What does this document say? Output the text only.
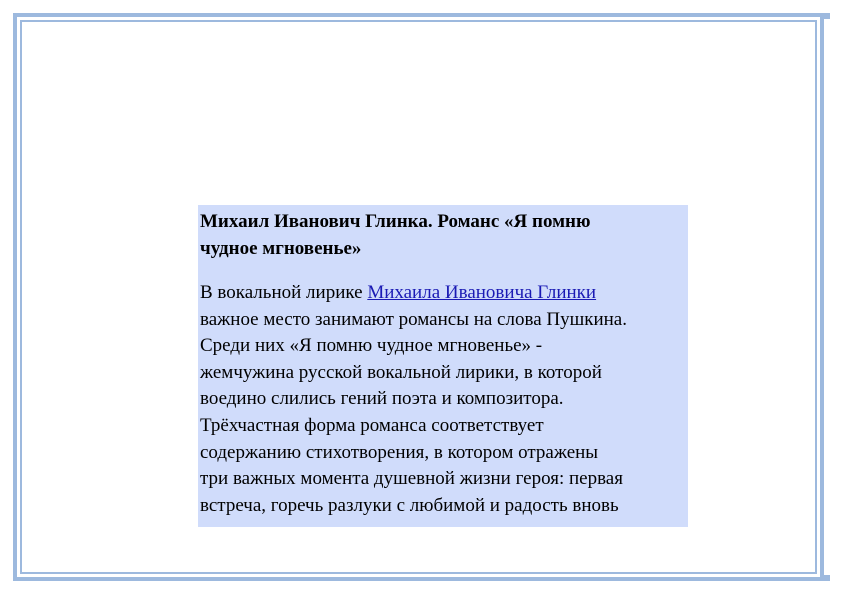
Михаил Иванович Глинка. Романс «Я помню
чудное мгновенье»

В вокальной лирике Михаила Ивановича Глинки
важное место занимают романсы на слова Пушкина.
Среди них «Я помню чудное мгновенье» -
жемчужина русской вокальной лирики, в которой
воедино слились гений поэта и композитора.
Трёхчастная форма романса соответствует
содержанию стихотворения, в котором отражены
три важных момента душевной жизни героя: первая
встреча, горечь разлуки с любимой и радость вновь
